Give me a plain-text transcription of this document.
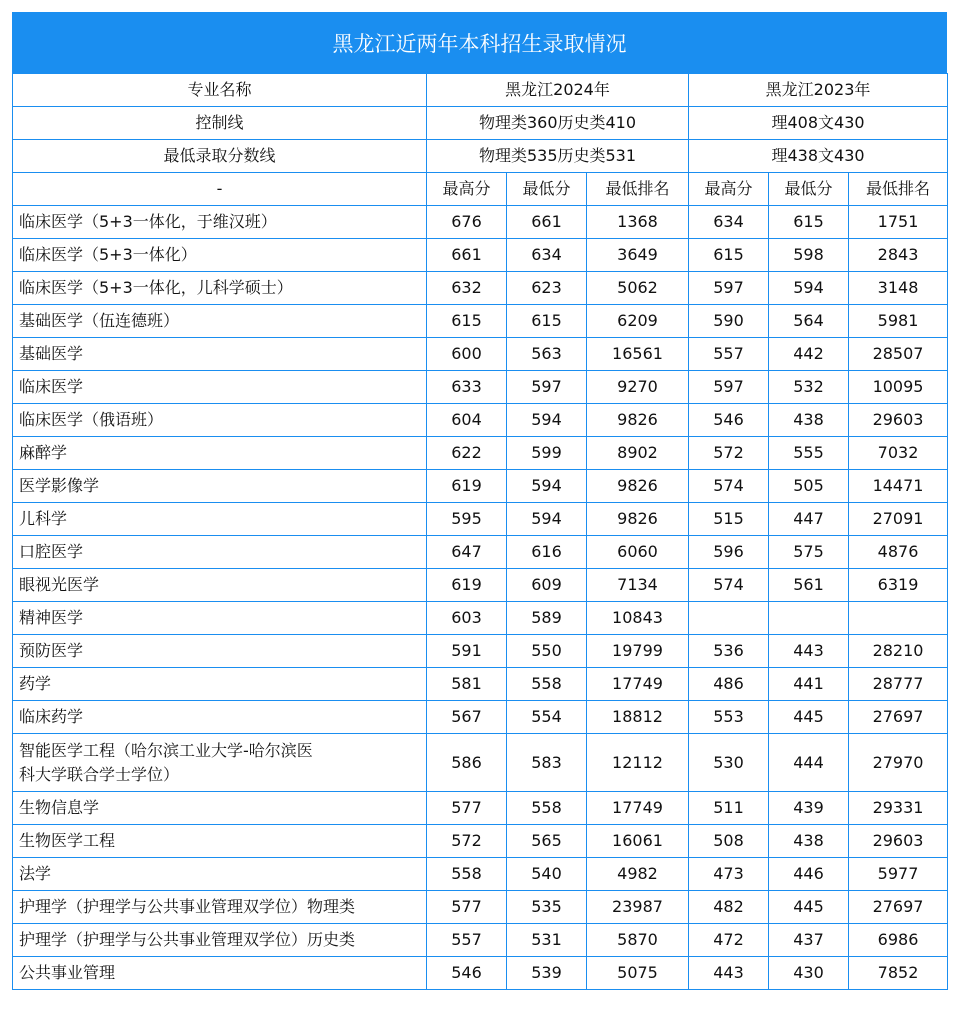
黑龙江近两年本科招生录取情况
专业名称	黑龙江2024年			黑龙江2023年		
控制线	物理类360历史类410			理408文430		
最低录取分数线	物理类535历史类531			理438文430		
-	最高分	最低分	最低排名	最高分	最低分	最低排名
临床医学（5+3一体化，于维汉班）	676	661	1368	634	615	1751
临床医学（5+3一体化）	661	634	3649	615	598	2843
临床医学（5+3一体化，儿科学硕士）	632	623	5062	597	594	3148
基础医学（伍连德班）	615	615	6209	590	564	5981
基础医学	600	563	16561	557	442	28507
临床医学	633	597	9270	597	532	10095
临床医学（俄语班）	604	594	9826	546	438	29603
麻醉学	622	599	8902	572	555	7032
医学影像学	619	594	9826	574	505	14471
儿科学	595	594	9826	515	447	27091
口腔医学	647	616	6060	596	575	4876
眼视光医学	619	609	7134	574	561	6319
精神医学	603	589	10843			
预防医学	591	550	19799	536	443	28210
药学	581	558	17749	486	441	28777
临床药学	567	554	18812	553	445	27697
智能医学工程（哈尔滨工业大学-哈尔滨医科大学联合学士学位）	586	583	12112	530	444	27970
生物信息学	577	558	17749	511	439	29331
生物医学工程	572	565	16061	508	438	29603
法学	558	540	4982	473	446	5977
护理学（护理学与公共事业管理双学位）物理类	577	535	23987	482	445	27697
护理学（护理学与公共事业管理双学位）历史类	557	531	5870	472	437	6986
公共事业管理	546	539	5075	443	430	7852
